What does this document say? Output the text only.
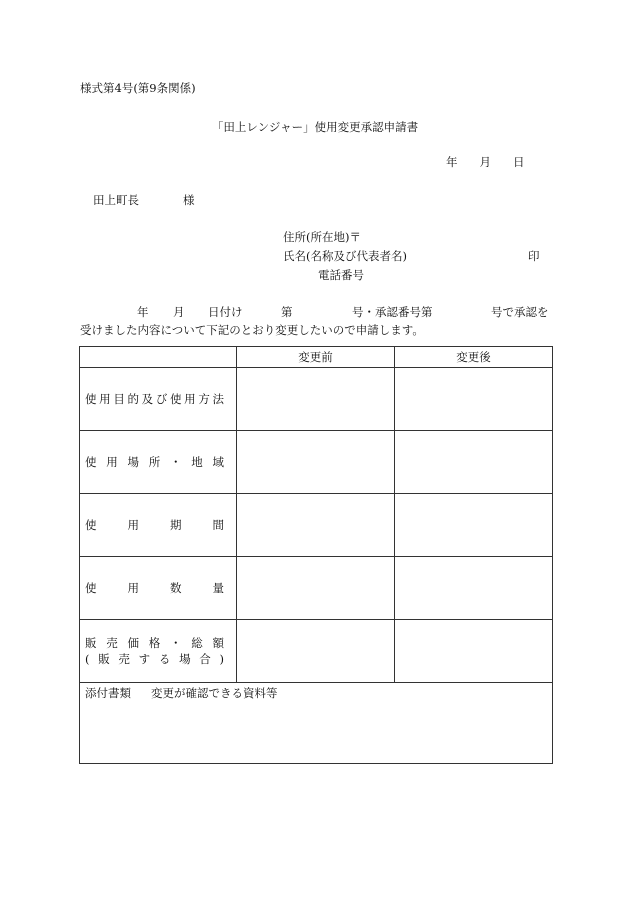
様式第4号(第9条関係)
「田上レンジャー」使用変更承認申請書
年 月 日
田上町長	様
住所(所在地)〒
氏名(名称及び代表者名)	印
電話番号
年 月 日付け	第	号・承認番号第	号で承認を
受けました内容について下記のとおり変更したいので申請します。
	変更前	変更後

使用目的及び使用方法		

使用場所・地域		

使用期間		

使用数量		

販売価格・総額
(販売する場合)		

添付書類 変更が確認できる資料等		
